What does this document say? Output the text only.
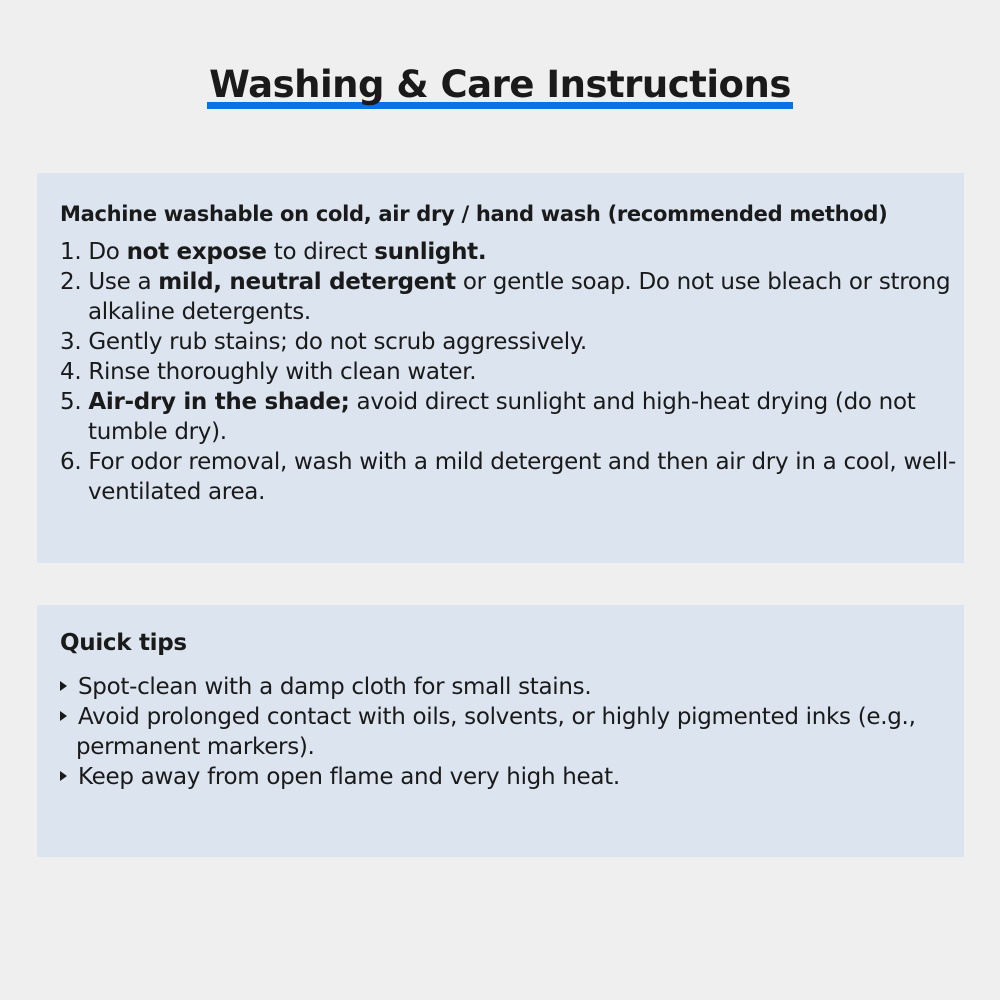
Washing & Care Instructions
Machine washable on cold, air dry / hand wash (recommended method)
1. Do not expose to direct sunlight.
2. Use a mild, neutral detergent or gentle soap. Do not use bleach or strong alkaline detergents.
3. Gently rub stains; do not scrub aggressively.
4. Rinse thoroughly with clean water.
5. Air-dry in the shade; avoid direct sunlight and high-heat drying (do not tumble dry).
6. For odor removal, wash with a mild detergent and then air dry in a cool, well-ventilated area.
Quick tips
Spot-clean with a damp cloth for small stains.
Avoid prolonged contact with oils, solvents, or highly pigmented inks (e.g., permanent markers).
Keep away from open flame and very high heat.
